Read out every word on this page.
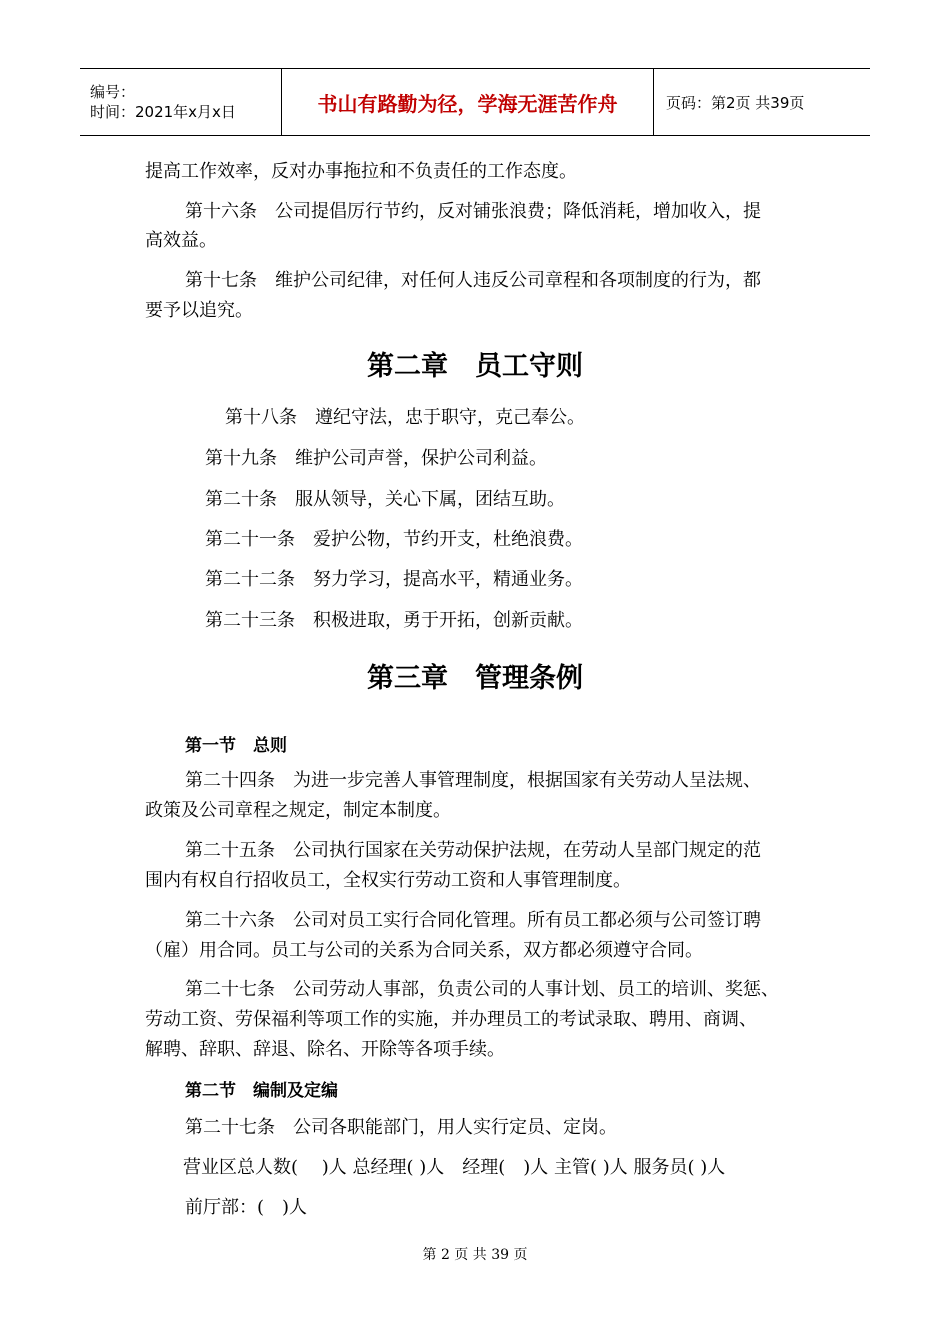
编号：
时间：2021年x月x日	书山有路勤为径，学海无涯苦作舟	页码：第2页 共39页
提高工作效率，反对办事拖拉和不负责任的工作态度。
第十六条　公司提倡厉行节约，反对铺张浪费；降低消耗，增加收入，提
高效益。
第十七条　维护公司纪律，对任何人违反公司章程和各项制度的行为，都
要予以追究。
第二章　员工守则
第十八条　遵纪守法，忠于职守，克己奉公。
第十九条　维护公司声誉，保护公司利益。
第二十条　服从领导，关心下属，团结互助。
第二十一条　爱护公物，节约开支，杜绝浪费。
第二十二条　努力学习，提高水平，精通业务。
第二十三条　积极进取，勇于开拓，创新贡献。
第三章　管理条例
第一节　总则
第二十四条　为进一步完善人事管理制度，根据国家有关劳动人呈法规、
政策及公司章程之规定，制定本制度。
第二十五条　公司执行国家在关劳动保护法规，在劳动人呈部门规定的范
围内有权自行招收员工，全权实行劳动工资和人事管理制度。
第二十六条　公司对员工实行合同化管理。所有员工都必须与公司签订聘
（雇）用合同。员工与公司的关系为合同关系，双方都必须遵守合同。
第二十七条　公司劳动人事部，负责公司的人事计划、员工的培训、奖惩、
劳动工资、劳保福利等项工作的实施，并办理员工的考试录取、聘用、商调、
解聘、辞职、辞退、除名、开除等各项手续。
第二节　编制及定编
第二十七条　公司各职能部门，用人实行定员、定岗。
营业区总人数(　 )人 总经理( )人　经理(　)人 主管( )人 服务员( )人
前厅部：(　)人
第 2 页 共 39 页
